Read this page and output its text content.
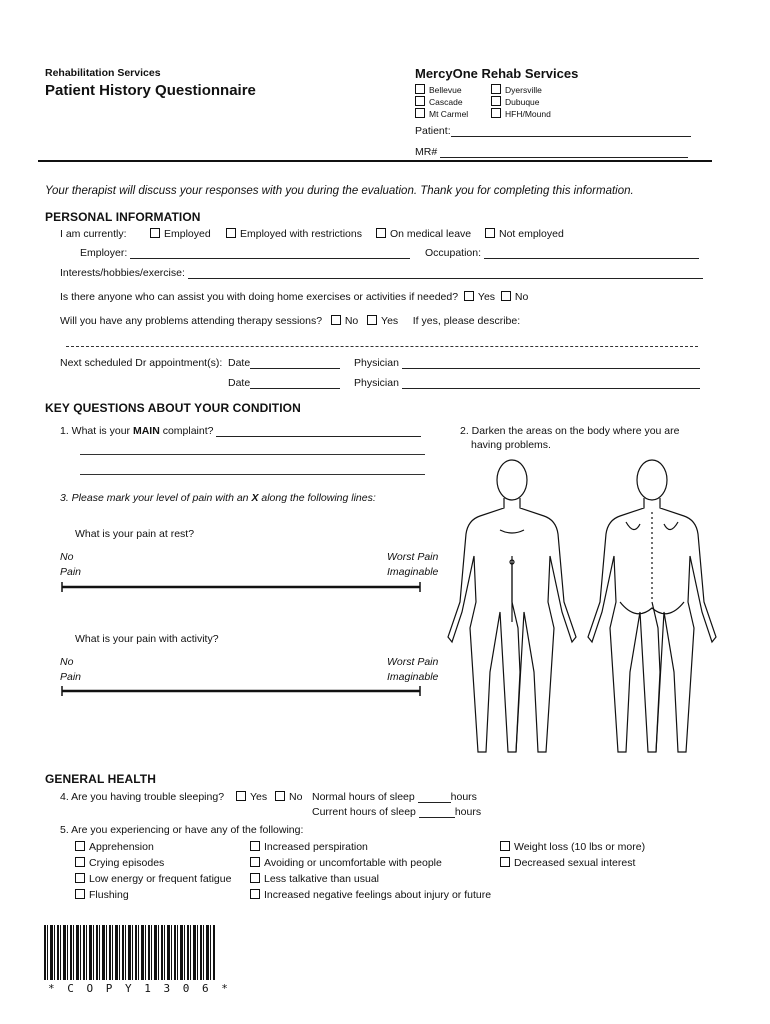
Rehabilitation Services
Patient History Questionnaire
MercyOne Rehab Services
Bellevue
Cascade
Mt Carmel
Dyersville
Dubuque
HFH/Mound
Patient:
MR#
Your therapist will discuss your responses with you during the evaluation. Thank you for completing this information.
PERSONAL INFORMATION
I am currently:	Employed	Employed with restrictions	On medical leave	Not employed
Employer:	Occupation:
Interests/hobbies/exercise:
Is there anyone who can assist you with doing home exercises or activities if needed? Yes No
Will you have any problems attending therapy sessions? No Yes If yes, please describe:
Next scheduled Dr appointment(s): Date	Physician
Date	Physician
KEY QUESTIONS ABOUT YOUR CONDITION
1. What is your MAIN complaint?	2. Darken the areas on the body where you are
having problems.
3. Please mark your level of pain with an X along the following lines:
What is your pain at rest?
No
Pain
Worst Pain
Imaginable
What is your pain with activity?
No
Pain
Worst Pain
Imaginable
GENERAL HEALTH
4. Are you having trouble sleeping?	Yes	No Normal hours of sleep	hours
Current hours of sleep	hours
5. Are you experiencing or have any of the following:
Apprehension
Crying episodes
Low energy or frequent fatigue
Flushing
Increased perspiration
Avoiding or uncomfortable with people
Less talkative than usual
Increased negative feelings about injury or future
Weight loss (10 lbs or more)
Decreased sexual interest
* C O P Y 1 3 0 6 *
